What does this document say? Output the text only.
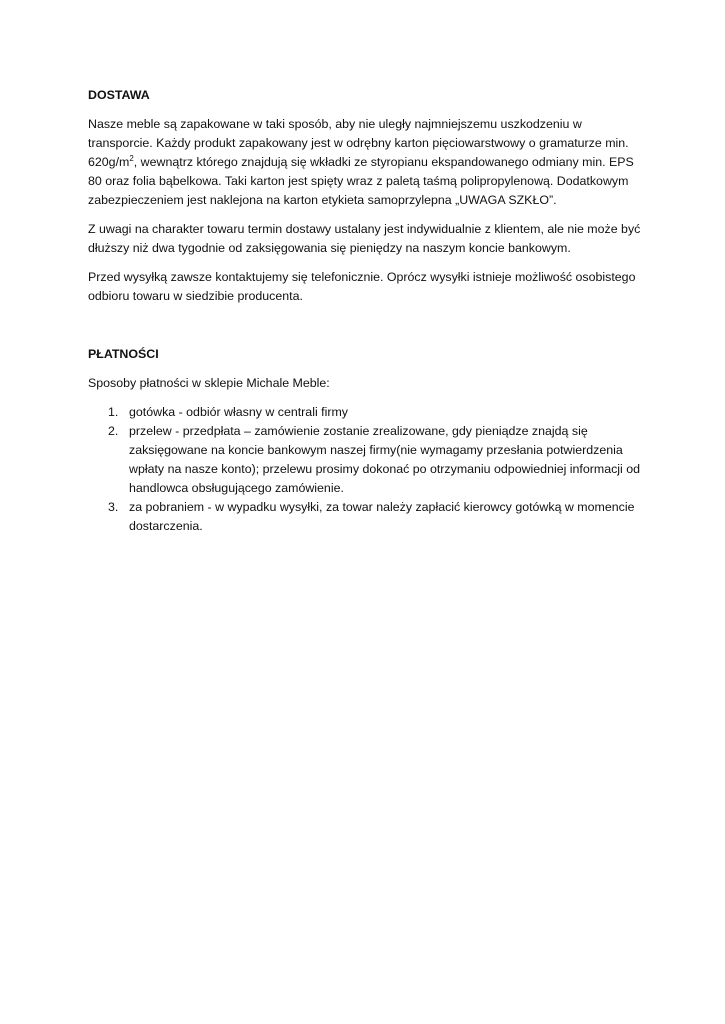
DOSTAWA

Nasze meble są zapakowane w taki sposób, aby nie uległy najmniejszemu uszkodzeniu w transporcie. Każdy produkt zapakowany jest w odrębny karton pięciowarstwowy o gramaturze min. $620g/m^2$, wewnątrz którego znajdują się wkładki ze styropianu ekspandowanego odmiany min. EPS 80 oraz folia bąbelkowa. Taki karton jest spięty wraz z paletą taśmą polipropylenową. Dodatkowym zabezpieczeniem jest naklejona na karton etykieta samoprzylepna „UWAGA SZKŁO”.

Z uwagi na charakter towaru termin dostawy ustalany jest indywidualnie z klientem, ale nie może być dłuższy niż dwa tygodnie od zaksięgowania się pieniędzy na naszym koncie bankowym.

Przed wysyłką zawsze kontaktujemy się telefonicznie. Oprócz wysyłki istnieje możliwość osobistego odbioru towaru w siedzibie producenta.

PŁATNOŚCI

Sposoby płatności w sklepie Michale Meble:

1. gotówka - odbiór własny w centrali firmy
2. przelew - przedpłata – zamówienie zostanie zrealizowane, gdy pieniądze znajdą się zaksięgowane na koncie bankowym naszej firmy(nie wymagamy przesłania potwierdzenia wpłaty na nasze konto); przelewu prosimy dokonać po otrzymaniu odpowiedniej informacji od handlowca obsługującego zamówienie.
3. za pobraniem - w wypadku wysyłki, za towar należy zapłacić kierowcy gotówką w momencie dostarczenia.
